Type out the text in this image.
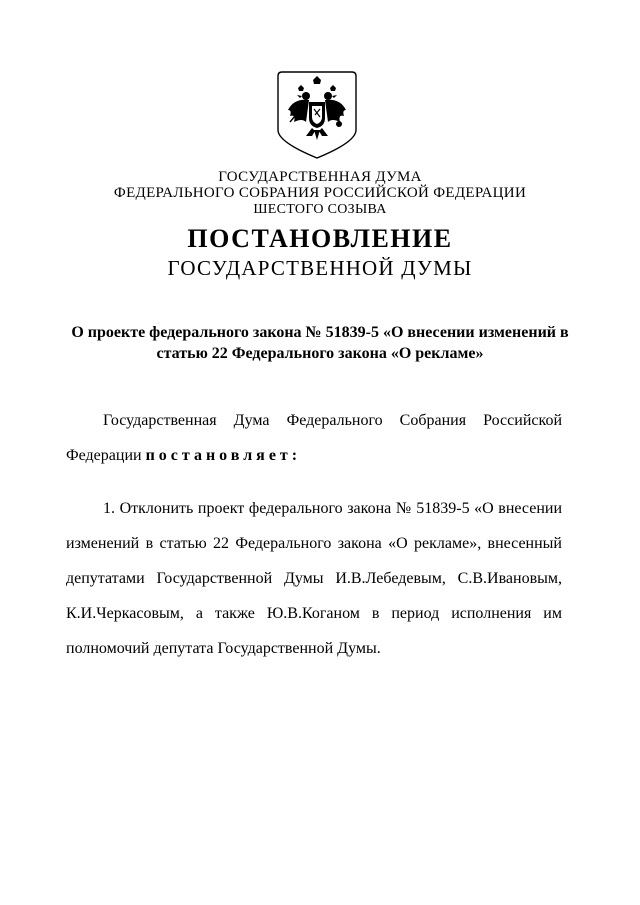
ГОСУДАРСТВЕННАЯ ДУМА
ФЕДЕРАЛЬНОГО СОБРАНИЯ РОССИЙСКОЙ ФЕДЕРАЦИИ
ШЕСТОГО СОЗЫВА
ПОСТАНОВЛЕНИЕ
ГОСУДАРСТВЕННОЙ ДУМЫ
О проекте федерального закона № 51839-5 «О внесении изменений в
статью 22 Федерального закона «О рекламе»
Государственная Дума Федерального Собрания Российской
Федерации постановляет:
1. Отклонить проект федерального закона № 51839-5 «О внесении
изменений в статью 22 Федерального закона «О рекламе», внесенный
депутатами Государственной Думы И.В.Лебедевым, С.В.Ивановым,
К.И.Черкасовым, а также Ю.В.Коганом в период исполнения им
полномочий депутата Государственной Думы.
